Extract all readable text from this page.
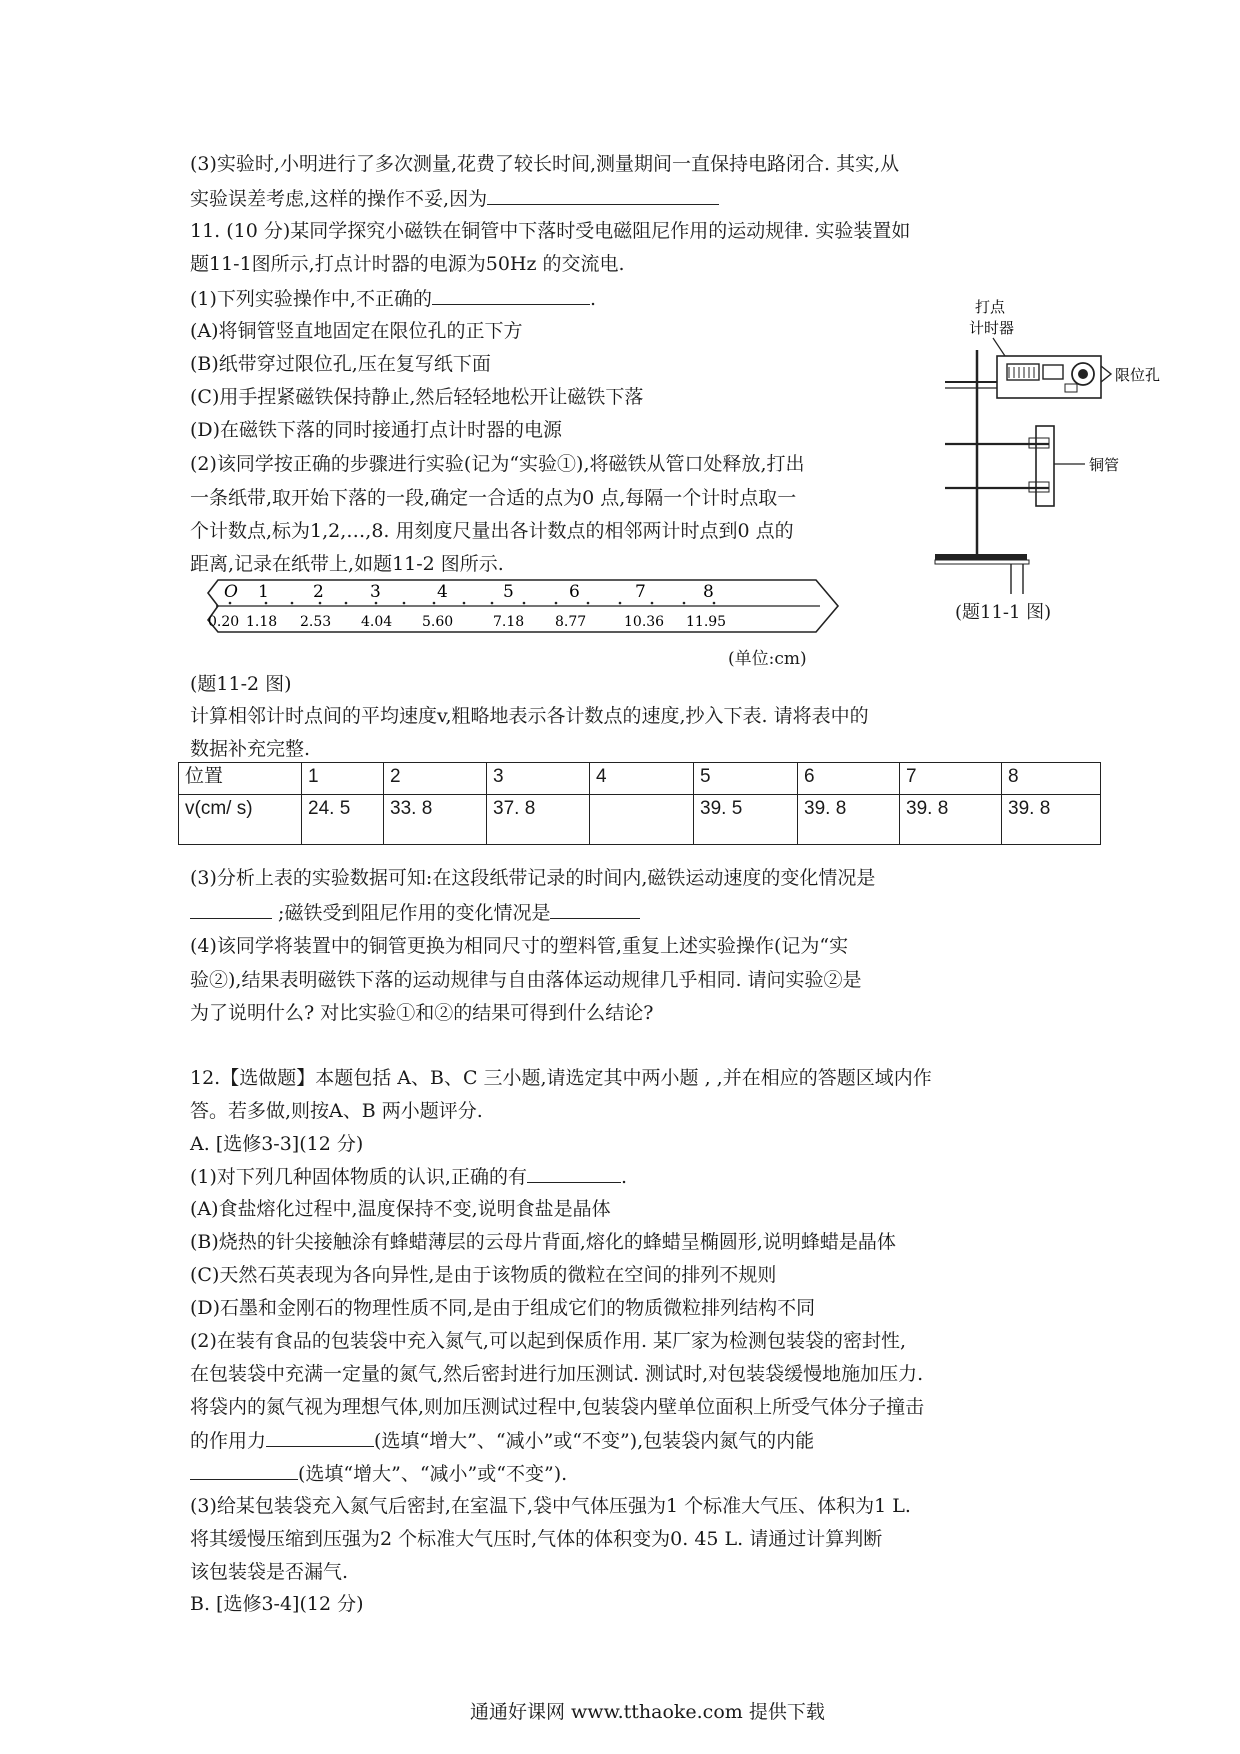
(3)实验时,小明进行了多次测量,花费了较长时间,测量期间一直保持电路闭合. 其实,从
实验误差考虑,这样的操作不妥,因为
11. (10 分)某同学探究小磁铁在铜管中下落时受电磁阻尼作用的运动规律. 实验装置如
题11-1图所示,打点计时器的电源为50Hz 的交流电.
(1)下列实验操作中,不正确的	.
(A)将铜管竖直地固定在限位孔的正下方
(B)纸带穿过限位孔,压在复写纸下面
(C)用手捏紧磁铁保持静止,然后轻轻地松开让磁铁下落
(D)在磁铁下落的同时接通打点计时器的电源
(2)该同学按正确的步骤进行实验(记为“实验①),将磁铁从管口处释放,打出
一条纸带,取开始下落的一段,确定一合适的点为0 点,每隔一个计时点取一
个计数点,标为1,2,…,8. 用刻度尺量出各计数点的相邻两计时点到0 点的
距离,记录在纸带上,如题11-2 图所示.
打点
计时器
限位孔
铜管
(题11-1 图)
O 1	2	3	4	5	6	7	8
0.20 1.18 2.53 4.04 5.60	7.18 8.77	10.36 11.95
(单位:cm)
(题11-2 图)
计算相邻计时点间的平均速度v,粗略地表示各计数点的速度,抄入下表. 请将表中的
数据补充完整.
位置	1	2	3	4	5	6	7	8
v(cm/ s)	24. 5	33. 8	37. 8		39. 5	39. 8	39. 8	39. 8
(3)分析上表的实验数据可知:在这段纸带记录的时间内,磁铁运动速度的变化情况是
;磁铁受到阻尼作用的变化情况是
(4)该同学将装置中的铜管更换为相同尺寸的塑料管,重复上述实验操作(记为“实
验②),结果表明磁铁下落的运动规律与自由落体运动规律几乎相同. 请问实验②是
为了说明什么? 对比实验①和②的结果可得到什么结论?
12.【选做题】本题包括 A、B、C 三小题,请选定其中两小题 , ,并在相应的答题区域内作
答。若多做,则按A、B 两小题评分.
A. [选修3-3](12 分)
(1)对下列几种固体物质的认识,正确的有	.
(A)食盐熔化过程中,温度保持不变,说明食盐是晶体
(B)烧热的针尖接触涂有蜂蜡薄层的云母片背面,熔化的蜂蜡呈椭圆形,说明蜂蜡是晶体
(C)天然石英表现为各向异性,是由于该物质的微粒在空间的排列不规则
(D)石墨和金刚石的物理性质不同,是由于组成它们的物质微粒排列结构不同
(2)在装有食品的包装袋中充入氮气,可以起到保质作用. 某厂家为检测包装袋的密封性,
在包装袋中充满一定量的氮气,然后密封进行加压测试. 测试时,对包装袋缓慢地施加压力.
将袋内的氮气视为理想气体,则加压测试过程中,包装袋内壁单位面积上所受气体分子撞击
的作用力	(选填“增大”、“减小”或“不变”),包装袋内氮气的内能
(选填“增大”、“减小”或“不变”).
(3)给某包装袋充入氮气后密封,在室温下,袋中气体压强为1 个标准大气压、体积为1 L.
将其缓慢压缩到压强为2 个标准大气压时,气体的体积变为0. 45 L. 请通过计算判断
该包装袋是否漏气.
B. [选修3-4](12 分)
通通好课网 www.tthaoke.com 提供下载
